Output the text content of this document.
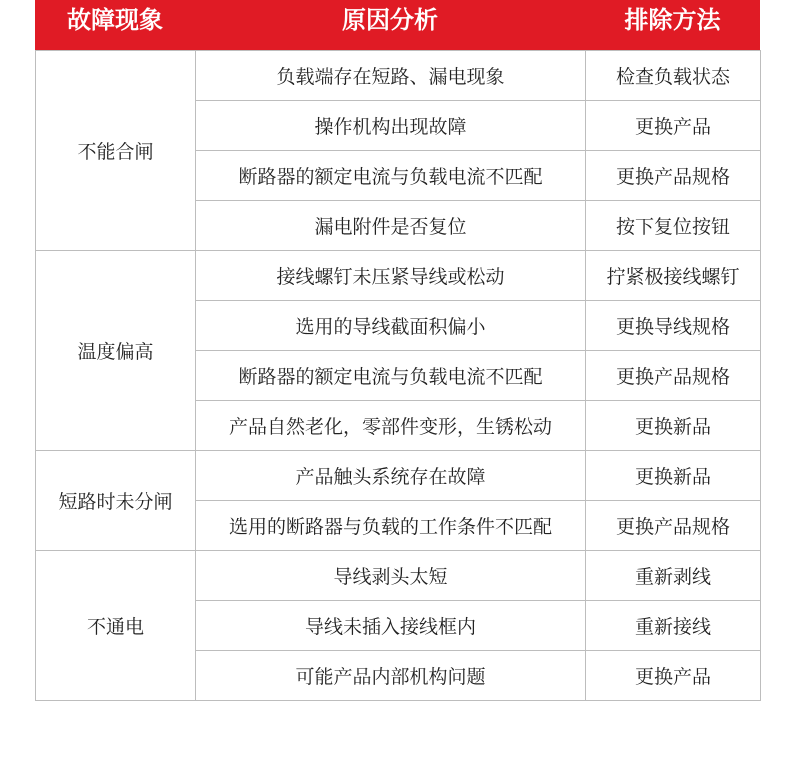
故障现象	原因分析	排除方法
不能合闸	负载端存在短路、漏电现象	检查负载状态
	操作机构出现故障	更换产品
	断路器的额定电流与负载电流不匹配	更换产品规格
	漏电附件是否复位	按下复位按钮
温度偏高	接线螺钉未压紧导线或松动	拧紧极接线螺钉
	选用的导线截面积偏小	更换导线规格
	断路器的额定电流与负载电流不匹配	更换产品规格
	产品自然老化，零部件变形，生锈松动	更换新品
短路时未分闸	产品触头系统存在故障	更换新品
	选用的断路器与负载的工作条件不匹配	更换产品规格
不通电	导线剥头太短	重新剥线
	导线未插入接线框内	重新接线
	可能产品内部机构问题	更换产品
